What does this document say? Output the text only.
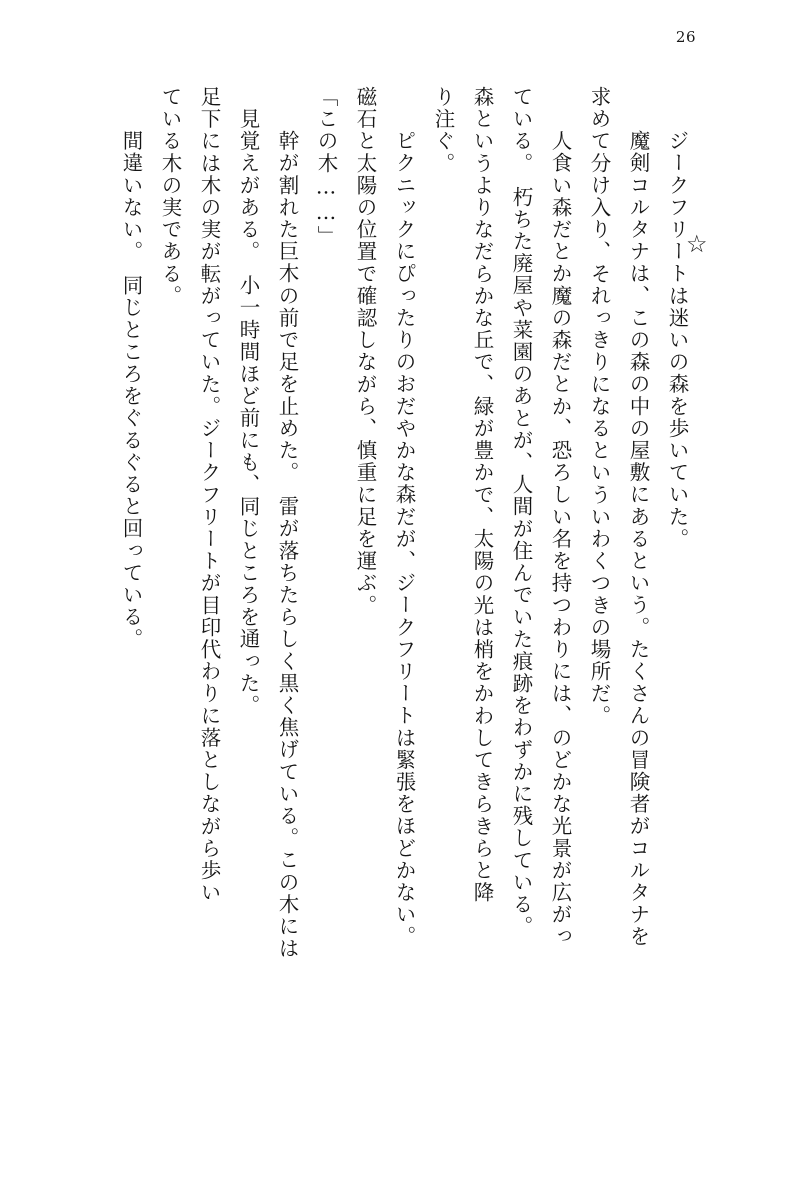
26
☆
　ジークフリートは迷いの森を歩いていた。
　魔剣コルタナは、この森の中の屋敷にあるという。たくさんの冒険者がコルタナを
求めて分け入り、それっきりになるといういわくつきの場所だ。
　人食い森だとか魔の森だとか、恐ろしい名を持つわりには、のどかな光景が広がっ
ている。　朽ちた廃屋や菜園のあとが、人間が住んでいた痕跡をわずかに残している。
森というよりなだらかな丘で、緑が豊かで、太陽の光は梢をかわしてきらきらと降
り注ぐ。
　ピクニックにぴったりのおだやかな森だが、ジークフリートは緊張をほどかない。
磁石と太陽の位置で確認しながら、慎重に足を運ぶ。
「この木……」
　幹が割れた巨木の前で足を止めた。　雷が落ちたらしく黒く焦げている。この木には
見覚えがある。　小一時間ほど前にも、同じところを通った。
足下には木の実が転がっていた。ジークフリートが目印代わりに落としながら歩い
ている木の実である。
　間違いない。　同じところをぐるぐると回っている。
